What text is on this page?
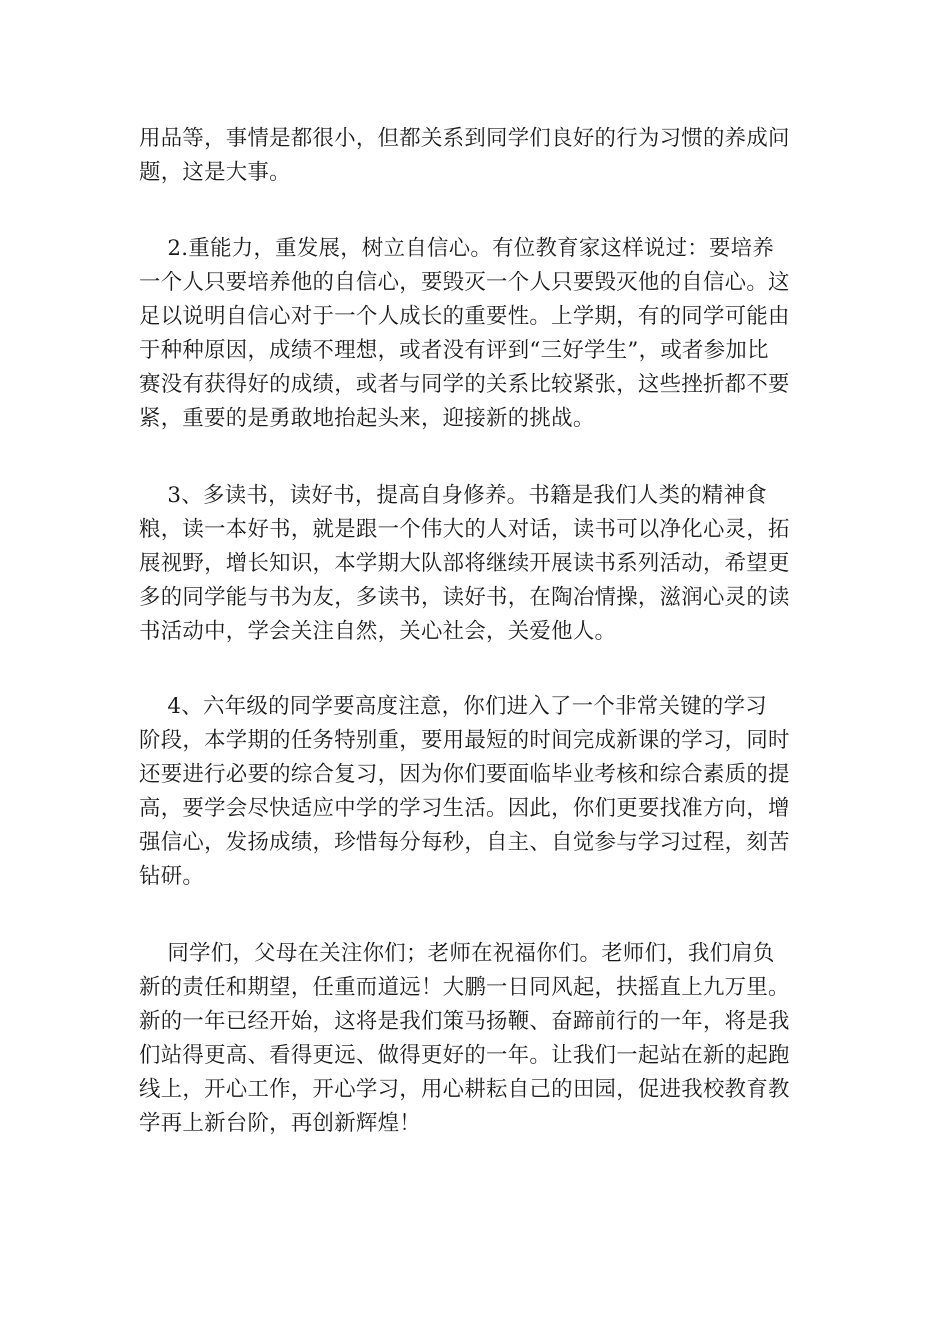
用品等，事情是都很小，但都关系到同学们良好的行为习惯的养成问
题，这是大事。
2.重能力，重发展，树立自信心。有位教育家这样说过：要培养
一个人只要培养他的自信心，要毁灭一个人只要毁灭他的自信心。这
足以说明自信心对于一个人成长的重要性。上学期，有的同学可能由
于种种原因，成绩不理想，或者没有评到“三好学生”，或者参加比
赛没有获得好的成绩，或者与同学的关系比较紧张，这些挫折都不要
紧，重要的是勇敢地抬起头来，迎接新的挑战。
3、多读书，读好书，提高自身修养。书籍是我们人类的精神食
粮，读一本好书，就是跟一个伟大的人对话，读书可以净化心灵，拓
展视野，增长知识，本学期大队部将继续开展读书系列活动，希望更
多的同学能与书为友，多读书，读好书，在陶冶情操，滋润心灵的读
书活动中，学会关注自然，关心社会，关爱他人。
4、六年级的同学要高度注意，你们进入了一个非常关键的学习
阶段，本学期的任务特别重，要用最短的时间完成新课的学习，同时
还要进行必要的综合复习，因为你们要面临毕业考核和综合素质的提
高，要学会尽快适应中学的学习生活。因此，你们更要找准方向，增
强信心，发扬成绩，珍惜每分每秒，自主、自觉参与学习过程，刻苦
钻研。
同学们，父母在关注你们；老师在祝福你们。老师们，我们肩负
新的责任和期望，任重而道远！大鹏一日同风起，扶摇直上九万里。
新的一年已经开始，这将是我们策马扬鞭、奋蹄前行的一年，将是我
们站得更高、看得更远、做得更好的一年。让我们一起站在新的起跑
线上，开心工作，开心学习，用心耕耘自己的田园，促进我校教育教
学再上新台阶，再创新辉煌！
